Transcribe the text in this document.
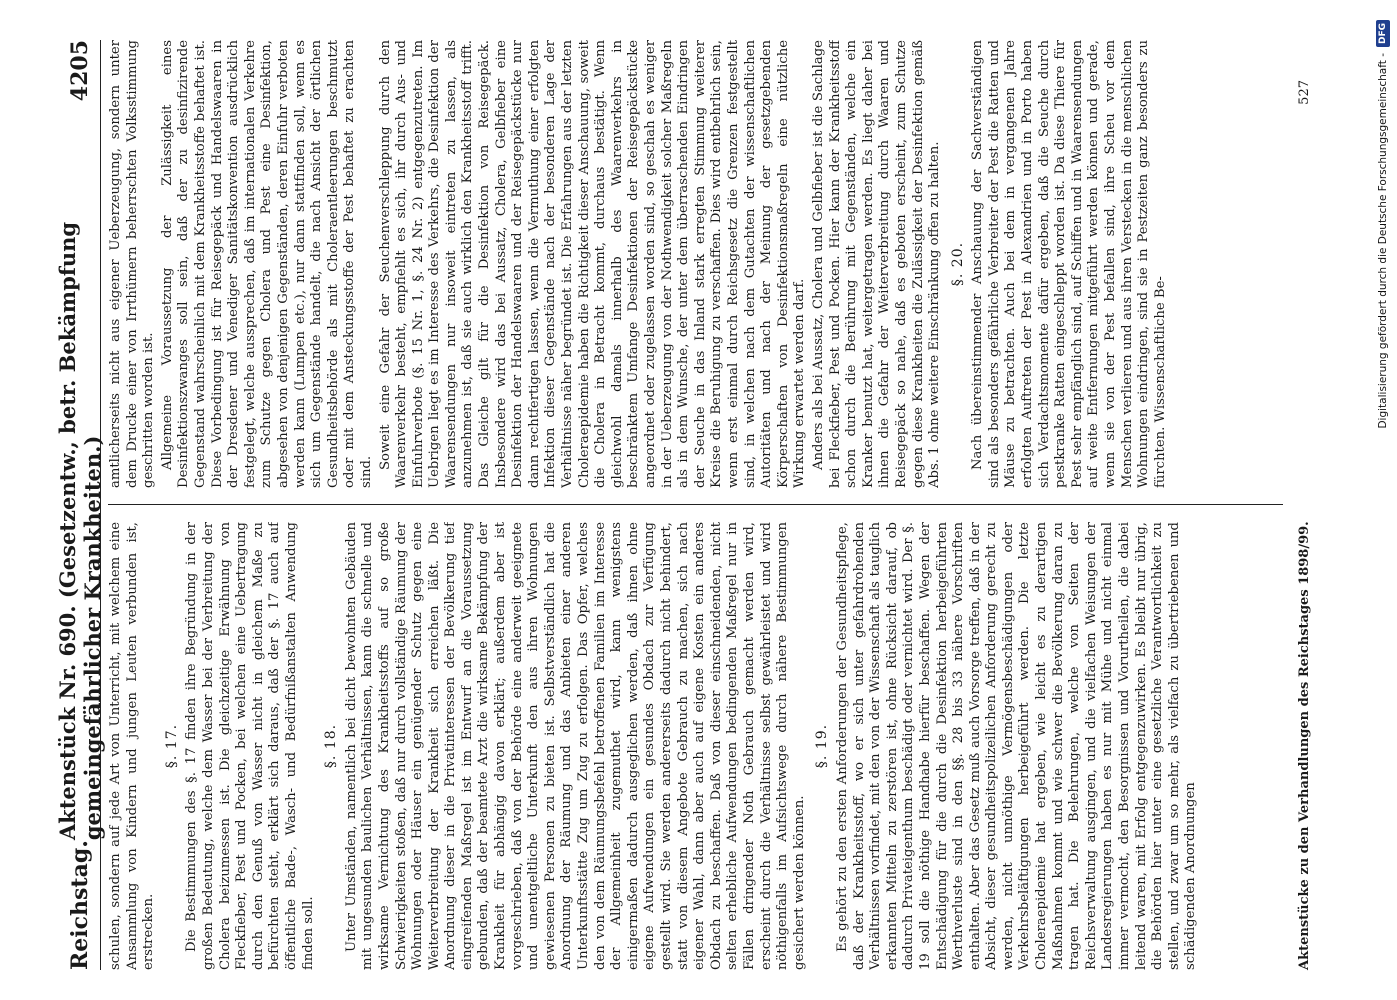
Reichstag.
Aktenstück Nr. 690. (Gesetzentw., betr. Bekämpfung gemeingefährlicher Krankheiten.)
4205

schulen, sondern auf jede Art von Unterricht, mit welchem eine Ansammlung von Kindern und jungen Leuten verbunden ist, erstrecken.

§. 17. Die Bestimmungen des §. 17 finden ihre Begründung in der großen Bedeutung, welche dem Wasser bei der Verbreitung der Cholera beizumessen ist. Die gleichzeitige Erwähnung von Fleckfieber, Pest und Pocken, bei welchen eine Uebertragung durch den Genuß von Wasser nicht in gleichem Maße zu befürchten steht, erklärt sich daraus, daß der §. 17 auch auf öffentliche Bade-, Wasch- und Bedürfnißanstalten Anwendung finden soll.

§. 18. Unter Umständen, namentlich bei dicht bewohnten Gebäuden mit ungesunden baulichen Verhältnissen, kann die schnelle und wirksame Vernichtung des Krankheitsstoffs auf so große Schwierigkeiten stoßen, daß nur durch vollständige Räumung der Wohnungen oder Häuser ein genügender Schutz gegen eine Weiterverbreitung der Krankheit sich erreichen läßt. Die Anordnung dieser in die Privatinteressen der Bevölkerung tief eingreifenden Maßregel ist im Entwurf an die Voraussetzung gebunden, daß der beamtete Arzt die wirksame Bekämpfung der Krankheit für abhängig davon erklärt; außerdem aber ist vorgeschrieben, daß von der Behörde eine anderweit geeignete und unentgeltliche Unterkunft den aus ihren Wohnungen gewiesenen Personen zu bieten ist. Selbstverständlich hat die Anordnung der Räumung und das Anbieten einer anderen Unterkunftsstätte Zug um Zug zu erfolgen. Das Opfer, welches den von dem Räumungsbefehl betroffenen Familien im Interesse der Allgemeinheit zugemuthet wird, kann wenigstens einigermaßen dadurch ausgeglichen werden, daß ihnen ohne eigene Aufwendungen ein gesundes Obdach zur Verfügung gestellt wird. Sie werden andererseits dadurch nicht behindert, statt von diesem Angebote Gebrauch zu machen, sich nach eigener Wahl, dann aber auch auf eigene Kosten ein anderes Obdach zu beschaffen. Daß von dieser einschneidenden, nicht selten erhebliche Aufwendungen bedingenden Maßregel nur in Fällen dringender Noth Gebrauch gemacht werden wird, erscheint durch die Verhältnisse selbst gewährleistet und wird nöthigenfalls im Aufsichtswege durch nähere Bestimmungen gesichert werden können.

§. 19. Es gehört zu den ersten Anforderungen der Gesundheitspflege, daß der Krankheitsstoff, wo er sich unter gefahrdrohenden Verhältnissen vorfindet, mit den von der Wissenschaft als tauglich erkannten Mitteln zu zerstören ist, ohne Rücksicht darauf, ob dadurch Privateigenthum beschädigt oder vernichtet wird. Der §. 19 soll die nöthige Handhabe hierfür beschaffen. Wegen der Entschädigung für die durch die Desinfektion herbeigeführten Werthverluste sind in den §§. 28 bis 33 nähere Vorschriften enthalten. Aber das Gesetz muß auch Vorsorge treffen, daß in der Absicht, dieser gesundheitspolizeilichen Anforderung gerecht zu werden, nicht unnöthige Vermögensbeschädigungen oder Verkehrsbeläftigungen herbeigeführt werden. Die letzte Choleraepidemie hat ergeben, wie leicht es zu derartigen Maßnahmen kommt und wie schwer die Bevölkerung daran zu tragen hat. Die Belehrungen, welche von Seiten der Reichsverwaltung ausgingen, und die vielfachen Weisungen der Landesregierungen haben es nur mit Mühe und nicht einmal immer vermocht, den Besorgnissen und Vorurtheilen, die dabei leitend waren, mit Erfolg entgegenzuwirken. Es bleibt nur übrig, die Behörden hier unter eine gesetzliche Verantwortlichkeit zu stellen, und zwar um so mehr, als vielfach zu übertriebenen und schädigenden Anordnungen

amtlicherseits nicht aus eigener Ueberzeugung, sondern unter dem Drucke einer von Irrthümern beherrschten Volksstimmung geschritten worden ist. Allgemeine Voraussetzung der Zulässigkeit eines Desinfektionszwanges soll sein, daß der zu desinfizirende Gegenstand wahrscheinlich mit dem Krankheitsstoffe behaftet ist. Diese Vorbedingung ist für Reisegepäck und Handelswaaren in der Dresdener und Venediger Sanitätskonvention ausdrücklich festgelegt, welche aussprechen, daß im internationalen Verkehre zum Schutze gegen Cholera und Pest eine Desinfektion, abgesehen von denjenigen Gegenständen, deren Einfuhr verboten werden kann (Lumpen etc.), nur dann stattfinden soll, wenn es sich um Gegenstände handelt, die nach Ansicht der örtlichen Gesundheitsbehörde als mit Choleraentleerungen beschmutzt oder mit dem Ansteckungsstoffe der Pest behaftet zu erachten sind.

Soweit eine Gefahr der Seuchenverschleppung durch den Waarenverkehr besteht, empfiehlt es sich, ihr durch Aus- und Einfuhrverbote (§. 15 Nr. 1, §. 24 Nr. 2) entgegenzutreten. Im Uebrigen liegt es im Interesse des Verkehrs, die Desinfektion der Waarensendungen nur insoweit eintreten zu lassen, als anzunehmen ist, daß sie auch wirklich den Krankheitsstoff trifft. Das Gleiche gilt für die Desinfektion von Reisegepäck. Insbesondere wird das bei Aussatz, Cholera, Gelbfieber eine Desinfektion der Handelswaaren und der Reisegepäckstücke nur dann rechtfertigen lassen, wenn die Vermuthung einer erfolgten Infektion dieser Gegenstände nach der besonderen Lage der Verhältnisse näher begründet ist. Die Erfahrungen aus der letzten Choleraepidemie haben die Richtigkeit dieser Anschauung, soweit die Cholera in Betracht kommt, durchaus bestätigt. Wenn gleichwohl damals innerhalb des Waarenverkehrs in beschränktem Umfange Desinfektionen der Reisegepäckstücke angeordnet oder zugelassen worden sind, so geschah es weniger in der Ueberzeugung von der Nothwendigkeit solcher Maßregeln als in dem Wunsche, der unter dem überraschenden Eindringen der Seuche in das Inland stark erregten Stimmung weiterer Kreise die Beruhigung zu verschaffen. Dies wird entbehrlich sein, wenn erst einmal durch Reichsgesetz die Grenzen festgestellt sind, in welchen nach dem Gutachten der wissenschaftlichen Autoritäten und nach der Meinung der gesetzgebenden Körperschaften von Desinfektionsmaßregeln eine nützliche Wirkung erwartet werden darf. Anders als bei Aussatz, Cholera und Gelbfieber ist die Sachlage bei Fleckfieber, Pest und Pocken. Hier kann der Krankheitsstoff schon durch die Berührung mit Gegenständen, welche ein Kranker benutzt hat, weitergetragen werden. Es liegt daher bei ihnen die Gefahr der Weiterverbreitung durch Waaren und Reisegepäck so nahe, daß es geboten erscheint, zum Schutze gegen diese Krankheiten die Zulässigkeit der Desinfektion gemäß Abs. 1 ohne weitere Einschränkung offen zu halten. §. 20. Nach übereinstimmender Anschauung der Sachverständigen sind als besonders gefährliche Verbreiter der Pest die Ratten und Mäuse zu betrachten. Auch bei dem in vergangenen Jahre erfolgten Auftreten der Pest in Alexandrien und in Porto haben sich Verdachtsmomente dafür ergeben, daß die Seuche durch pestkranke Ratten eingeschleppt worden ist. Da diese Thiere für Pest sehr empfänglich sind, auf Schiffen und in Waarensendungen auf weite Entfernungen mitgeführt werden können und gerade, wenn sie von der Pest befallen sind, ihre Scheu vor dem Menschen verlieren und aus ihren Verstecken in die menschlichen Wohnungen eindringen, sind sie in Pestzeiten ganz besonders zu fürchten. Wissenschaftliche Be-

Aktenstücke zu den Verhandlungen des Reichstages 1898/99.
527	Digitalisierung gefördert durch die Deutsche Forschungsgemeinschaft -
DFG
